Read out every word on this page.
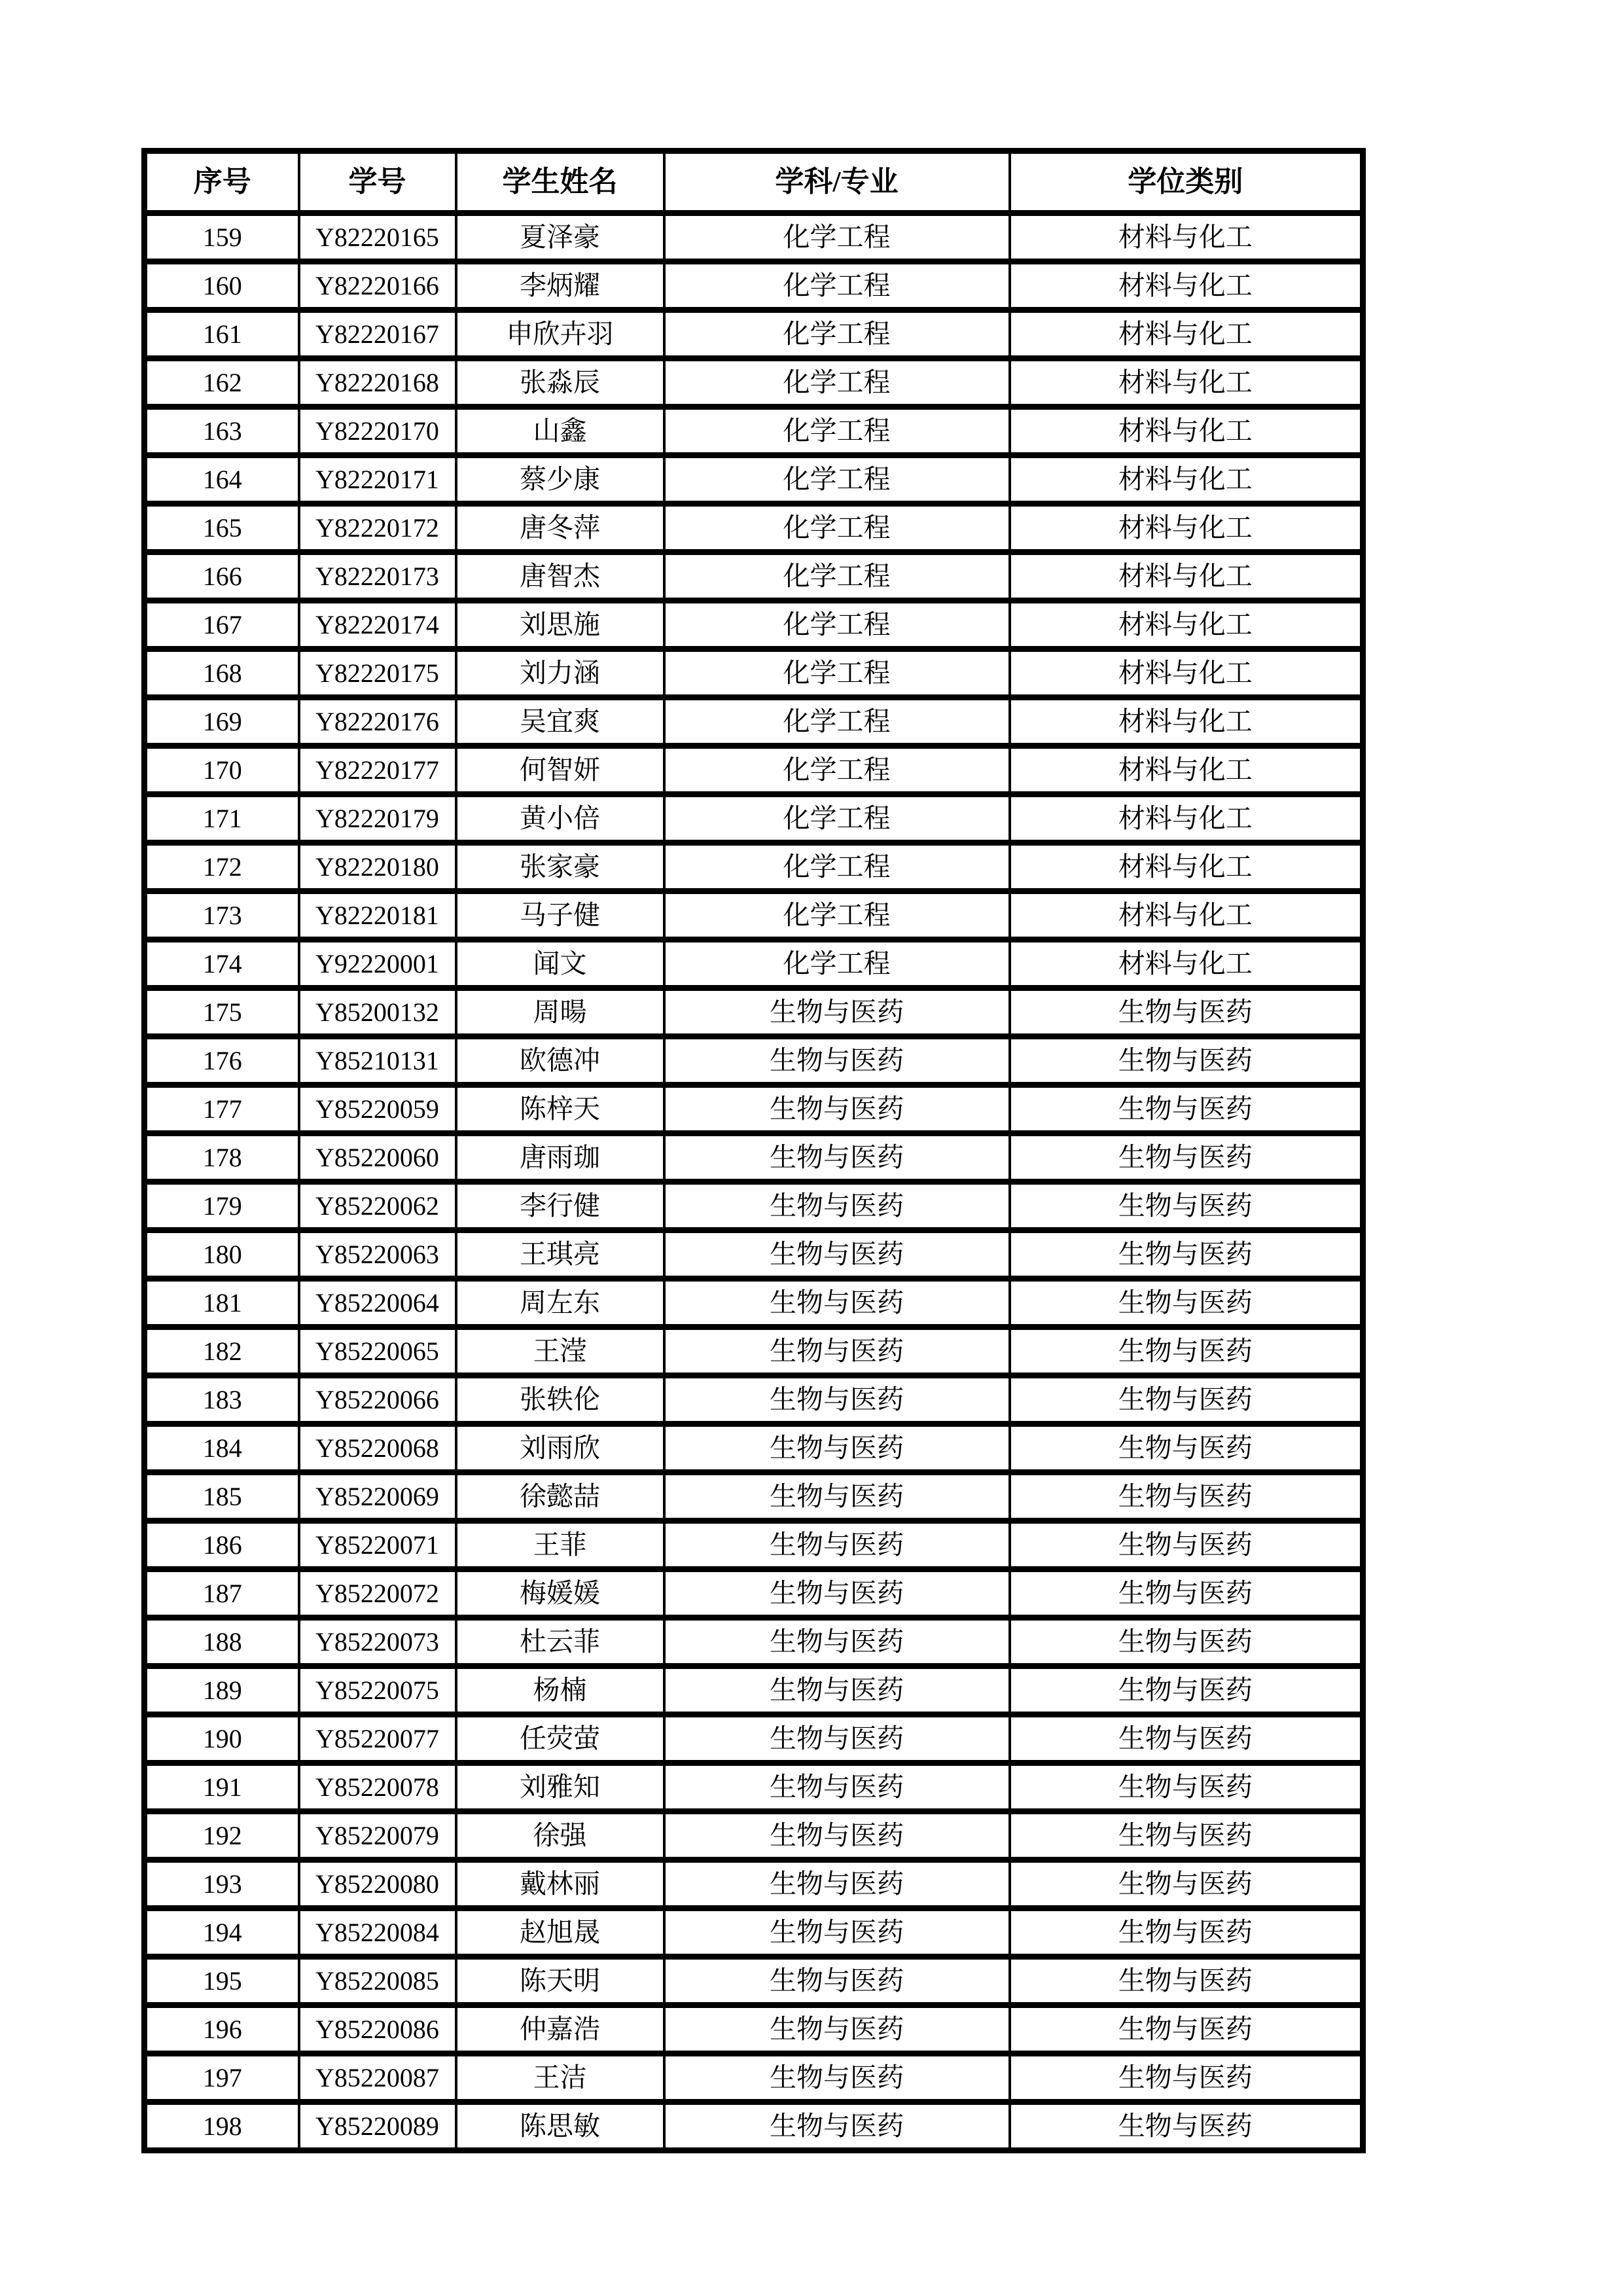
序号	学号	学生姓名	学科/专业	学位类别
159	Y82220165	夏泽豪	化学工程	材料与化工
160	Y82220166	李炳耀	化学工程	材料与化工
161	Y82220167	申欣卉羽	化学工程	材料与化工
162	Y82220168	张淼辰	化学工程	材料与化工
163	Y82220170	山鑫	化学工程	材料与化工
164	Y82220171	蔡少康	化学工程	材料与化工
165	Y82220172	唐冬萍	化学工程	材料与化工
166	Y82220173	唐智杰	化学工程	材料与化工
167	Y82220174	刘思施	化学工程	材料与化工
168	Y82220175	刘力涵	化学工程	材料与化工
169	Y82220176	吴宜爽	化学工程	材料与化工
170	Y82220177	何智妍	化学工程	材料与化工
171	Y82220179	黄小倍	化学工程	材料与化工
172	Y82220180	张家豪	化学工程	材料与化工
173	Y82220181	马子健	化学工程	材料与化工
174	Y92220001	闻文	化学工程	材料与化工
175	Y85200132	周暘	生物与医药	生物与医药
176	Y85210131	欧德冲	生物与医药	生物与医药
177	Y85220059	陈梓天	生物与医药	生物与医药
178	Y85220060	唐雨珈	生物与医药	生物与医药
179	Y85220062	李行健	生物与医药	生物与医药
180	Y85220063	王琪亮	生物与医药	生物与医药
181	Y85220064	周左东	生物与医药	生物与医药
182	Y85220065	王滢	生物与医药	生物与医药
183	Y85220066	张轶伦	生物与医药	生物与医药
184	Y85220068	刘雨欣	生物与医药	生物与医药
185	Y85220069	徐懿喆	生物与医药	生物与医药
186	Y85220071	王菲	生物与医药	生物与医药
187	Y85220072	梅媛媛	生物与医药	生物与医药
188	Y85220073	杜云菲	生物与医药	生物与医药
189	Y85220075	杨楠	生物与医药	生物与医药
190	Y85220077	任荧萤	生物与医药	生物与医药
191	Y85220078	刘雅知	生物与医药	生物与医药
192	Y85220079	徐强	生物与医药	生物与医药
193	Y85220080	戴林丽	生物与医药	生物与医药
194	Y85220084	赵旭晟	生物与医药	生物与医药
195	Y85220085	陈天明	生物与医药	生物与医药
196	Y85220086	仲嘉浩	生物与医药	生物与医药
197	Y85220087	王洁	生物与医药	生物与医药
198	Y85220089	陈思敏	生物与医药	生物与医药
